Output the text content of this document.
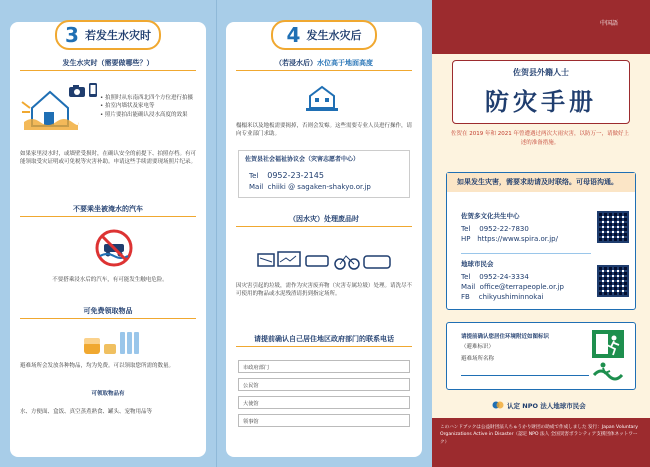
3 若发生水灾时
发生水灾时（需要做哪些？）
• 拍照时从东南西北四个方位进行拍摄
• 拍室内墙状及家电等
• 照片要拍出能确认浸水高度的效果
如果家里浸水时，或墙壁受损时，在确认安全的前提下、拍照存档。有可能领取受灾证明或可免税等灾害补助。申请这些手续需要现场照片纪录。
不要乘坐被淹水的汽车
不要搭乘浸水后的汽车，有可能发生触电危险。
可免费领取物品
避难场所会发放各种物品，均为免费。可以领取您所需的数量。
可领取物品有
水、方便面、盒饭、真空蒸煮熟食、罐头、宠物用品等
4 发生水灾后
（若浸水后）水位高于地面高度
榻榻米以及地板需要揭掉，否则会发霉。这些需要专业人员进行操作，请向专业部门求助。
佐贺县社会福祉协议会（灾害志愿者中心）
Tel 0952-23-2145
Mail chiiki @ sagaken-shakyo.or.jp
（因水灾）处理废品时
因灾害引起的垃圾，需作为灾害废弃物（灾害专属垃圾）处理。请洗尽不可使用的物品或水泥残渣请扔到指定场所。
请提前确认自己居住地区政府部门的联系电话
市政府部门
公民馆
大使馆
领事馆
中国語
佐贺县外籍人士
防灾手册
佐贺在 2019 年和 2021 年曾遭遇过两次大雨灾害，以防万一，请做好上述的准备措施。
如果发生灾害，需要求助请及时联络。可母语沟通。
佐贺多文化共生中心
Tel 0952-22-7830
HP https://www.spira.or.jp/
地球市民会
Tel 0952-24-3334
Mail office@terrapeople.or.jp
FB chikyushiminnokai
请提前确认您居住环境附近如图标识
（避难标识）
避难场所名称
认定 NPO 法人地球市民会
このハンドブックは公益財団法人ちゅうかり財団の助成で作成しました 发行：Japan Voluntary Organizations Active in Disaster（認定 NPO 法人 全国災害ボランティア支援団体ネットワーク）
